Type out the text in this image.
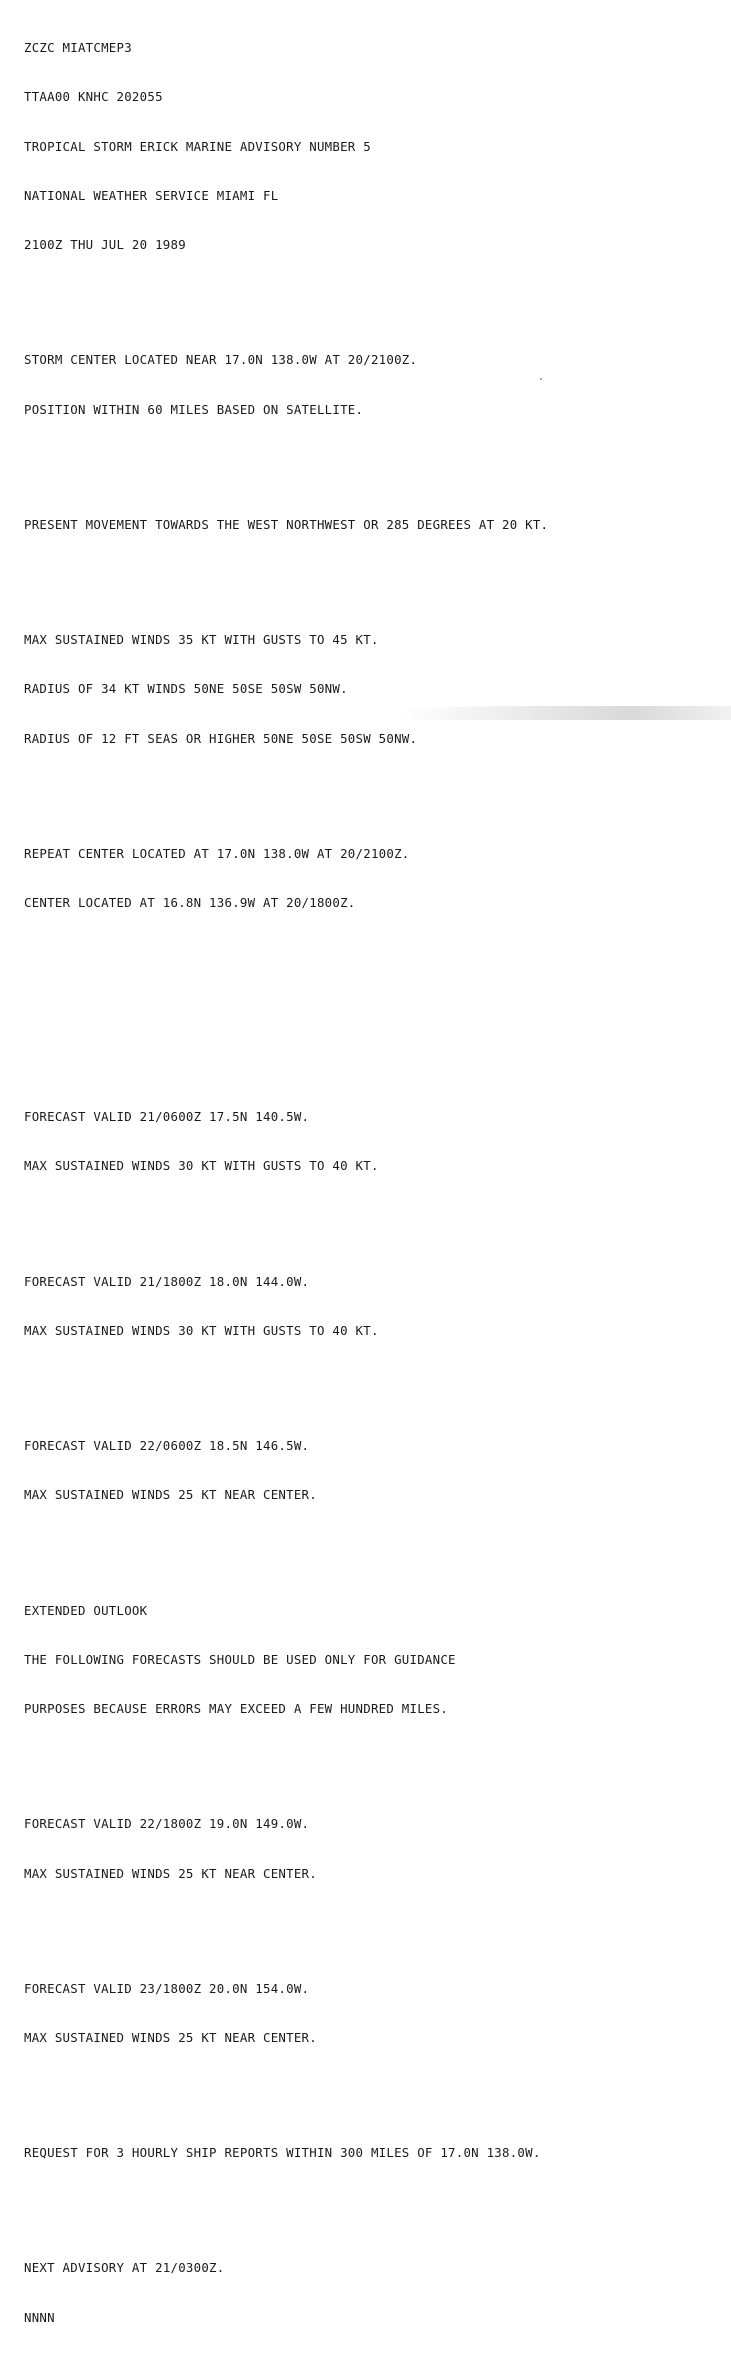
ZCZC MIATCMEP3

TTAA00 KNHC 202055

TROPICAL STORM ERICK MARINE ADVISORY NUMBER 5

NATIONAL WEATHER SERVICE MIAMI FL

2100Z THU JUL 20 1989

STORM CENTER LOCATED NEAR 17.0N 138.0W AT 20/2100Z.

POSITION WITHIN 60 MILES BASED ON SATELLITE.

PRESENT MOVEMENT TOWARDS THE WEST NORTHWEST OR 285 DEGREES AT 20 KT.

MAX SUSTAINED WINDS 35 KT WITH GUSTS TO 45 KT.

RADIUS OF 34 KT WINDS 50NE 50SE 50SW 50NW.

RADIUS OF 12 FT SEAS OR HIGHER 50NE 50SE 50SW 50NW.

REPEAT CENTER LOCATED AT 17.0N 138.0W AT 20/2100Z.

CENTER LOCATED AT 16.8N 136.9W AT 20/1800Z.

FORECAST VALID 21/0600Z 17.5N 140.5W.

MAX SUSTAINED WINDS 30 KT WITH GUSTS TO 40 KT.

FORECAST VALID 21/1800Z 18.0N 144.0W.

MAX SUSTAINED WINDS 30 KT WITH GUSTS TO 40 KT.

FORECAST VALID 22/0600Z 18.5N 146.5W.

MAX SUSTAINED WINDS 25 KT NEAR CENTER.

EXTENDED OUTLOOK

THE FOLLOWING FORECASTS SHOULD BE USED ONLY FOR GUIDANCE

PURPOSES BECAUSE ERRORS MAY EXCEED A FEW HUNDRED MILES.

FORECAST VALID 22/1800Z 19.0N 149.0W.

MAX SUSTAINED WINDS 25 KT NEAR CENTER.

FORECAST VALID 23/1800Z 20.0N 154.0W.

MAX SUSTAINED WINDS 25 KT NEAR CENTER.

REQUEST FOR 3 HOURLY SHIP REPORTS WITHIN 300 MILES OF 17.0N 138.0W.

NEXT ADVISORY AT 21/0300Z.

NNNN
